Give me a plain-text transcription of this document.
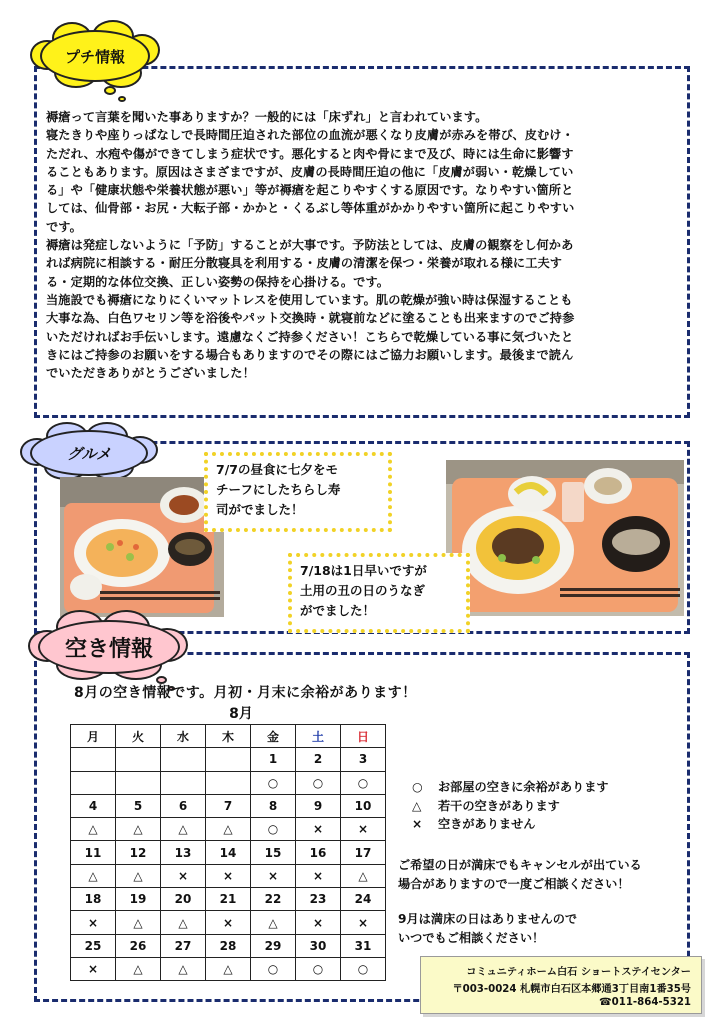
プチ情報

褥瘡って言葉を聞いた事ありますか？一般的には「床ずれ」と言われています。

寝たきりや座りっぱなしで長時間圧迫された部位の血流が悪くなり皮膚が赤みを帯び、皮むけ・

ただれ、水疱や傷ができてしまう症状です。悪化すると肉や骨にまで及び、時には生命に影響す

ることもあります。原因はさまざまですが、皮膚の長時間圧迫の他に「皮膚が弱い・乾燥してい

る」や「健康状態や栄養状態が悪い」等が褥瘡を起こりやすくする原因です。なりやすい箇所と

しては、仙骨部・お尻・大転子部・かかと・くるぶし等体重がかかりやすい箇所に起こりやすい

です。

褥瘡は発症しないように「予防」することが大事です。予防法としては、皮膚の観察をし何かあ

れば病院に相談する・耐圧分散寝具を利用する・皮膚の清潔を保つ・栄養が取れる様に工夫す

る・定期的な体位交換、正しい姿勢の保持を心掛ける。です。

当施設でも褥瘡になりにくいマットレスを使用しています。肌の乾燥が強い時は保湿することも

大事な為、白色ワセリン等を浴後やパット交換時・就寝前などに塗ることも出来ますのでご持参

いただければお手伝いします。遠慮なくご持参ください！こちらで乾燥している事に気づいたと

きにはご持参のお願いをする場合もありますのでその際にはご協力お願いします。最後まで読ん

でいただきありがとうございました！

グルメ
7/7の昼食に七夕をモ
チーフにしたちらし寿
司がでました！
7/18は1日早いですが
土用の丑の日のうなぎ
がでました！
空き情報
8月の空き情報です。月初・月末に余裕があります！
8月
月	火	水	木	金	土	日
				1	2	3
				○	○	○
4	5	6	7	8	9	10
△	△	△	△	○	×	×
11	12	13	14	15	16	17
△	△	×	×	×	×	△
18	19	20	21	22	23	24
×	△	△	×	△	×	×
25	26	27	28	29	30	31
×	△	△	△	○	○	○
○ お部屋の空きに余裕があります
△ 若干の空きがあります
× 空きがありません
ご希望の日が満床でもキャンセルが出ている
場合がありますので一度ご相談ください！
9月は満床の日はありませんので
いつでもご相談ください！
コミュニティホーム白石 ショートステイセンター
〒003-0024 札幌市白石区本郷通3丁目南1番35号
☎011-864-5321
